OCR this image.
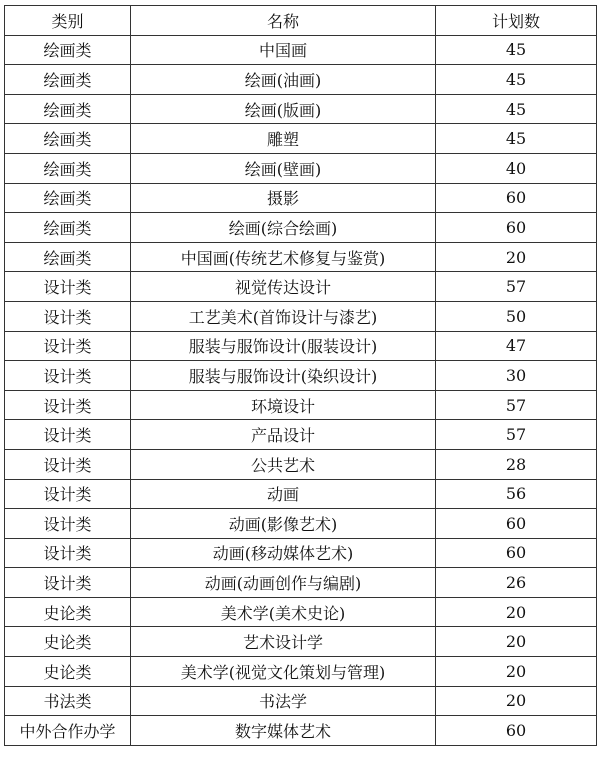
类别	名称	计划数
绘画类	中国画	45
绘画类	绘画(油画)	45
绘画类	绘画(版画)	45
绘画类	雕塑	45
绘画类	绘画(壁画)	40
绘画类	摄影	60
绘画类	绘画(综合绘画)	60
绘画类	中国画(传统艺术修复与鉴赏)	20
设计类	视觉传达设计	57
设计类	工艺美术(首饰设计与漆艺)	50
设计类	服装与服饰设计(服装设计)	47
设计类	服装与服饰设计(染织设计)	30
设计类	环境设计	57
设计类	产品设计	57
设计类	公共艺术	28
设计类	动画	56
设计类	动画(影像艺术)	60
设计类	动画(移动媒体艺术)	60
设计类	动画(动画创作与编剧)	26
史论类	美术学(美术史论)	20
史论类	艺术设计学	20
史论类	美术学(视觉文化策划与管理)	20
书法类	书法学	20
中外合作办学	数字媒体艺术	60
